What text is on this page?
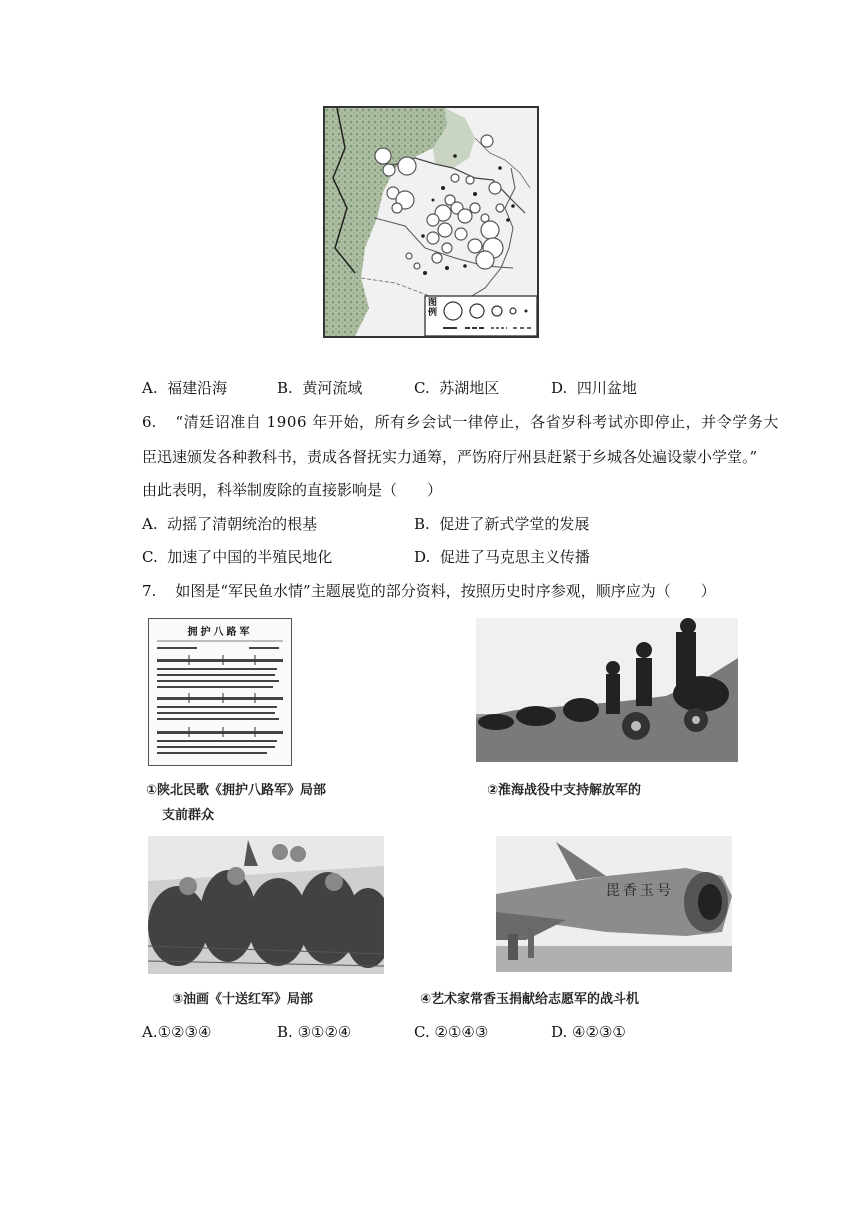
图例
A. 福建沿海	B. 黄河流域	C. 苏湖地区	D. 四川盆地
6. “清廷诏准自 1906 年开始，所有乡会试一律停止，各省岁科考试亦即停止，并令学务大
臣迅速颁发各种教科书，责成各督抚实力通筹，严饬府厅州县赶紧于乡城各处遍设蒙小学堂。”
由此表明，科举制废除的直接影响是（　　）
A. 动摇了清朝统治的根基	B. 促进了新式学堂的发展
C. 加速了中国的半殖民地化	D. 促进了马克思主义传播
7. 如图是“军民鱼水情”主题展览的部分资料，按照历史时序参观，顺序应为（　　）
拥护八路军
①陕北民歌《拥护八路军》局部	②淮海战役中支持解放军的
支前群众
毘香玉号
③油画《十送红军》局部	④艺术家常香玉捐献给志愿军的战斗机
A.①②③④	B. ③①②④	C. ②①④③	D. ④②③①
